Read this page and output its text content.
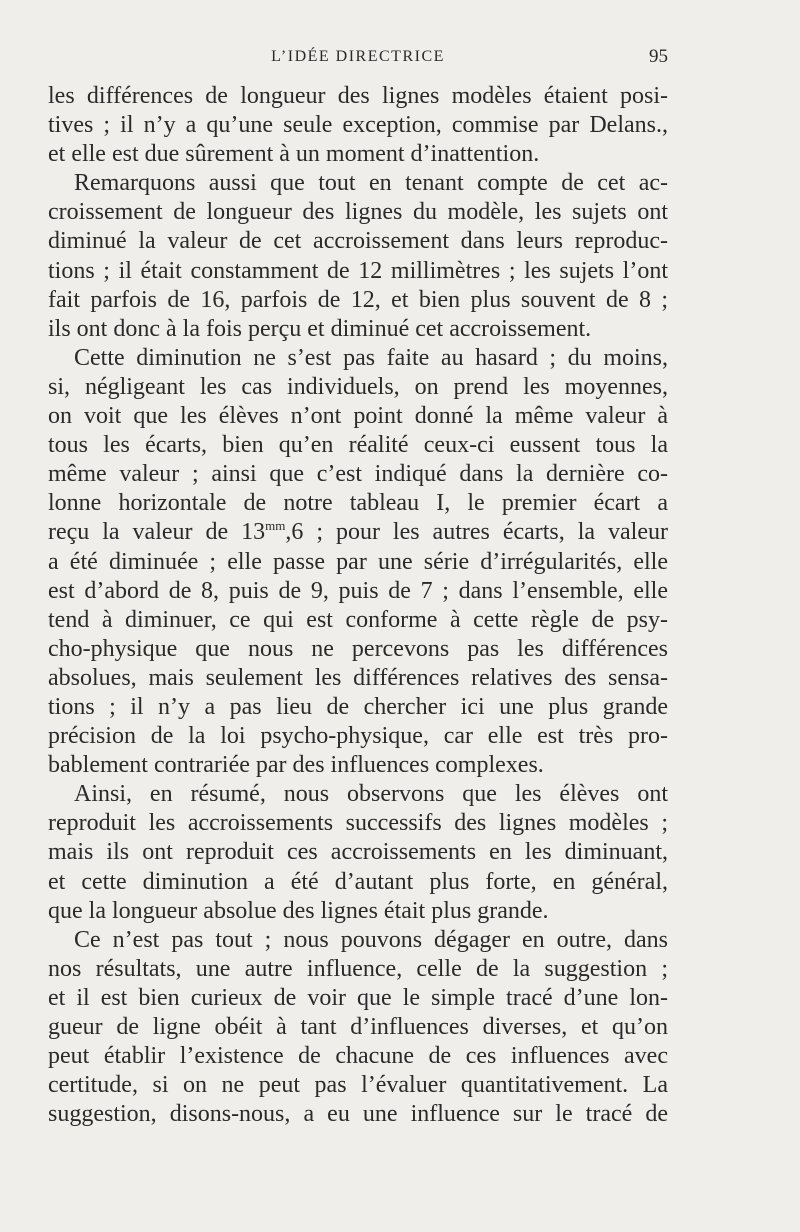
L’IDÉE DIRECTRICE	95
les différences de longueur des lignes modèles étaient posi-
tives ; il n’y a qu’une seule exception, commise par Delans.,
et elle est due sûrement à un moment d’inattention.
Remarquons aussi que tout en tenant compte de cet ac-
croissement de longueur des lignes du modèle, les sujets ont
diminué la valeur de cet accroissement dans leurs reproduc-
tions ; il était constamment de 12 millimètres ; les sujets l’ont
fait parfois de 16, parfois de 12, et bien plus souvent de 8 ;
ils ont donc à la fois perçu et diminué cet accroissement.
Cette diminution ne s’est pas faite au hasard ; du moins,
si, négligeant les cas individuels, on prend les moyennes,
on voit que les élèves n’ont point donné la même valeur à
tous les écarts, bien qu’en réalité ceux-ci eussent tous la
même valeur ; ainsi que c’est indiqué dans la dernière co-
lonne horizontale de notre tableau I, le premier écart a
reçu la valeur de $13^{mm},6$ ; pour les autres écarts, la valeur
a été diminuée ; elle passe par une série d’irrégularités, elle
est d’abord de 8, puis de 9, puis de 7 ; dans l’ensemble, elle
tend à diminuer, ce qui est conforme à cette règle de psy-
cho-physique que nous ne percevons pas les différences
absolues, mais seulement les différences relatives des sensa-
tions ; il n’y a pas lieu de chercher ici une plus grande
précision de la loi psycho-physique, car elle est très pro-
bablement contrariée par des influences complexes.
Ainsi, en résumé, nous observons que les élèves ont
reproduit les accroissements successifs des lignes modèles ;
mais ils ont reproduit ces accroissements en les diminuant,
et cette diminution a été d’autant plus forte, en général,
que la longueur absolue des lignes était plus grande.
Ce n’est pas tout ; nous pouvons dégager en outre, dans
nos résultats, une autre influence, celle de la suggestion ;
et il est bien curieux de voir que le simple tracé d’une lon-
gueur de ligne obéit à tant d’influences diverses, et qu’on
peut établir l’existence de chacune de ces influences avec
certitude, si on ne peut pas l’évaluer quantitativement. La
suggestion, disons-nous, a eu une influence sur le tracé de
